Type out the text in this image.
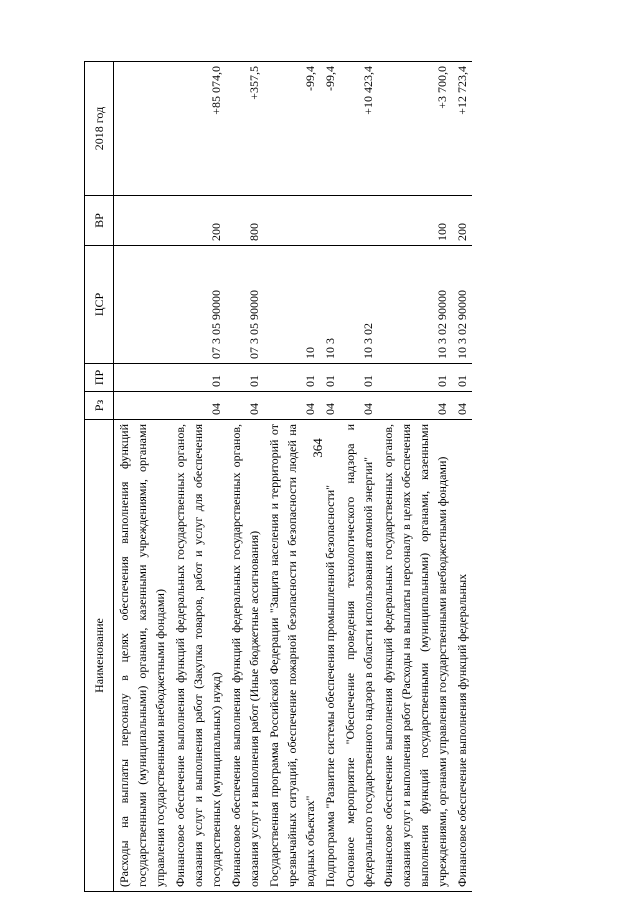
364
Наименование	Рз	ПР	ЦСР	ВР	2018 год
(Расходы на выплаты персоналу в целях обеспечения выполнения функций государственными (муниципальными) органами, казенными учреждениями, органами управления государственными внебюджетными фондами)					
Финансовое обеспечение выполнения функций федеральных государственных органов, оказания услуг и выполнения работ (Закупка товаров, работ и услуг для обеспечения государственных (муниципальных) нужд)	04	01	07 3 05 90000	200	+85 074,0
Финансовое обеспечение выполнения функций федеральных государственных органов, оказания услуг и выполнения работ (Иные бюджетные ассигнования)	04	01	07 3 05 90000	800	+357,5
Государственная программа Российской Федерации "Защита населения и территорий от чрезвычайных ситуаций, обеспечение пожарной безопасности и безопасности людей на водных объектах"	04	01	10		-99,4
Подпрограмма "Развитие системы обеспечения промышленной безопасности"	04	01	10 3		-99,4
Основное мероприятие "Обеспечение проведения технологического надзора и федерального государственного надзора в области использования атомной энергии"	04	01	10 3 02		+10 423,4
Финансовое обеспечение выполнения функций федеральных государственных органов, оказания услуг и выполнения работ (Расходы на выплаты персоналу в целях обеспечения выполнения функций государственными (муниципальными) органами, казенными учреждениями, органами управления государственными внебюджетными фондами)	04	01	10 3 02 90000	100	+3 700,0
Финансовое обеспечение выполнения функций федеральных	04	01	10 3 02 90000	200	+12 723,4
